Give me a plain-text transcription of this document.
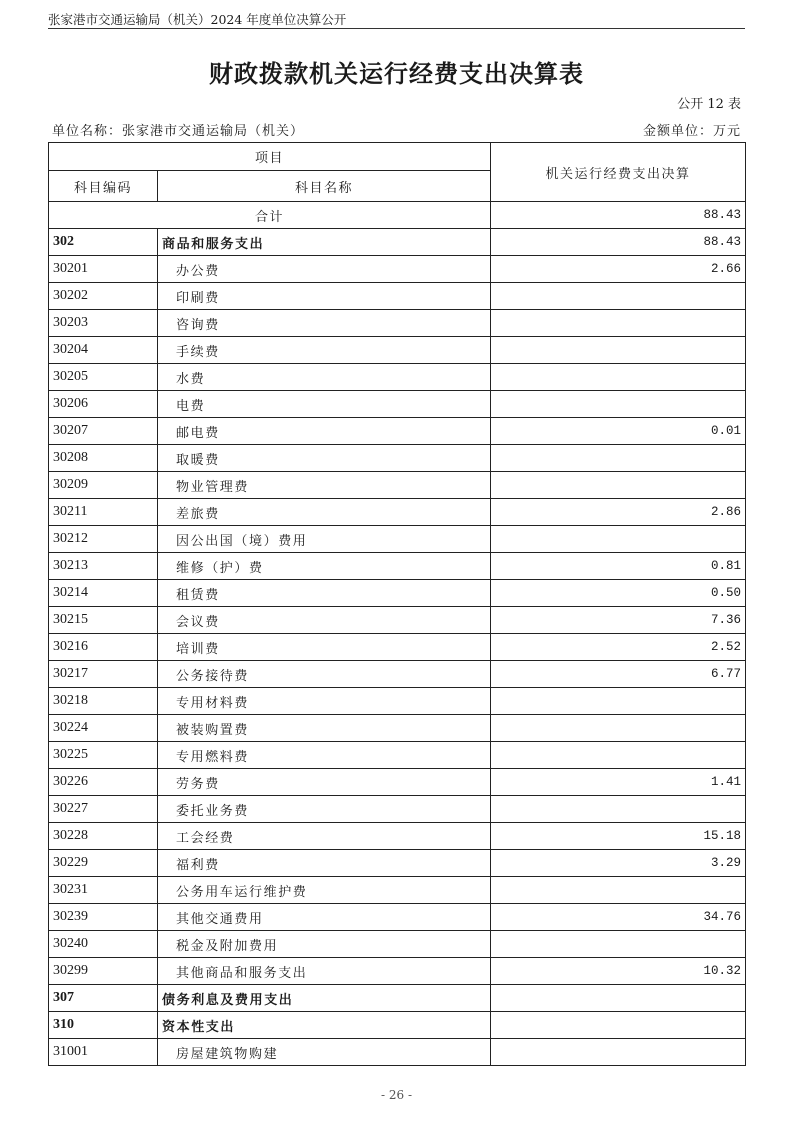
张家港市交通运输局（机关）2024 年度单位决算公开
财政拨款机关运行经费支出决算表
公开 12 表
单位名称：张家港市交通运输局（机关）	金额单位：万元
项目		机关运行经费支出决算
科目编码	科目名称	
合计		88.43
302	商品和服务支出	88.43
30201	办公费	2.66
30202	印刷费	
30203	咨询费	
30204	手续费	
30205	水费	
30206	电费	
30207	邮电费	0.01
30208	取暖费	
30209	物业管理费	
30211	差旅费	2.86
30212	因公出国（境）费用	
30213	维修（护）费	0.81
30214	租赁费	0.50
30215	会议费	7.36
30216	培训费	2.52
30217	公务接待费	6.77
30218	专用材料费	
30224	被装购置费	
30225	专用燃料费	
30226	劳务费	1.41
30227	委托业务费	
30228	工会经费	15.18
30229	福利费	3.29
30231	公务用车运行维护费	
30239	其他交通费用	34.76
30240	税金及附加费用	
30299	其他商品和服务支出	10.32
307	债务利息及费用支出	
310	资本性支出	
31001	房屋建筑物购建	
- 26 -
